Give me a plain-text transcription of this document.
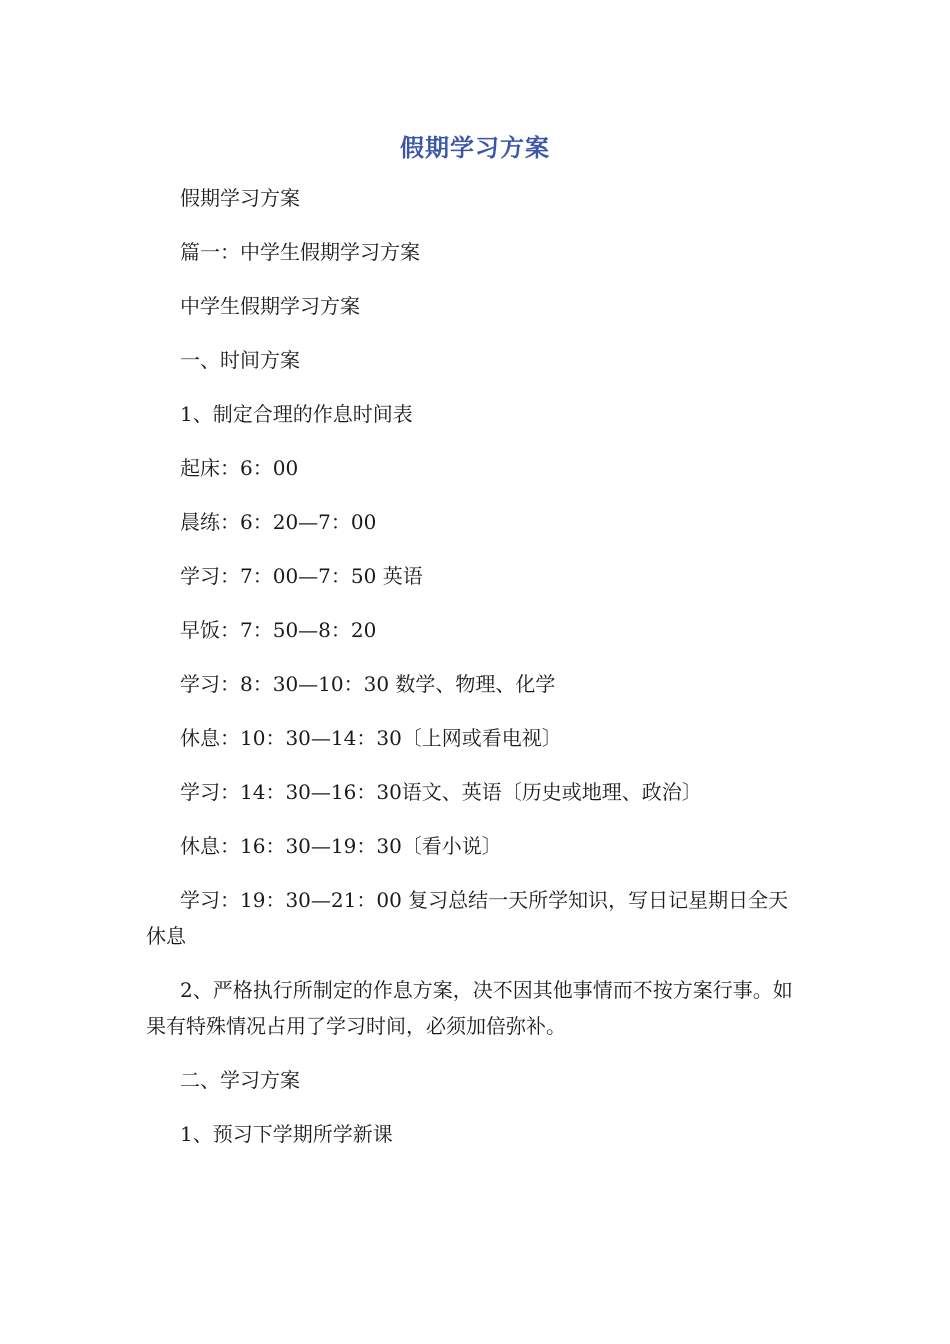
假期学习方案

假期学习方案

篇一：中学生假期学习方案

中学生假期学习方案

一、时间方案

1、制定合理的作息时间表

起床：6：00

晨练：6：20—7：00

学习：7：00—7：50 英语

早饭：7：50—8：20

学习：8：30—10：30 数学、物理、化学

休息：10：30—14：30〔上网或看电视〕

学习：14：30—16：30语文、英语〔历史或地理、政治〕

休息：16：30—19：30〔看小说〕

学习：19：30—21：00 复习总结一天所学知识，写日记星期日全天休息

2、严格执行所制定的作息方案，决不因其他事情而不按方案行事。如果有特殊情况占用了学习时间，必须加倍弥补。

二、学习方案

1、预习下学期所学新课
